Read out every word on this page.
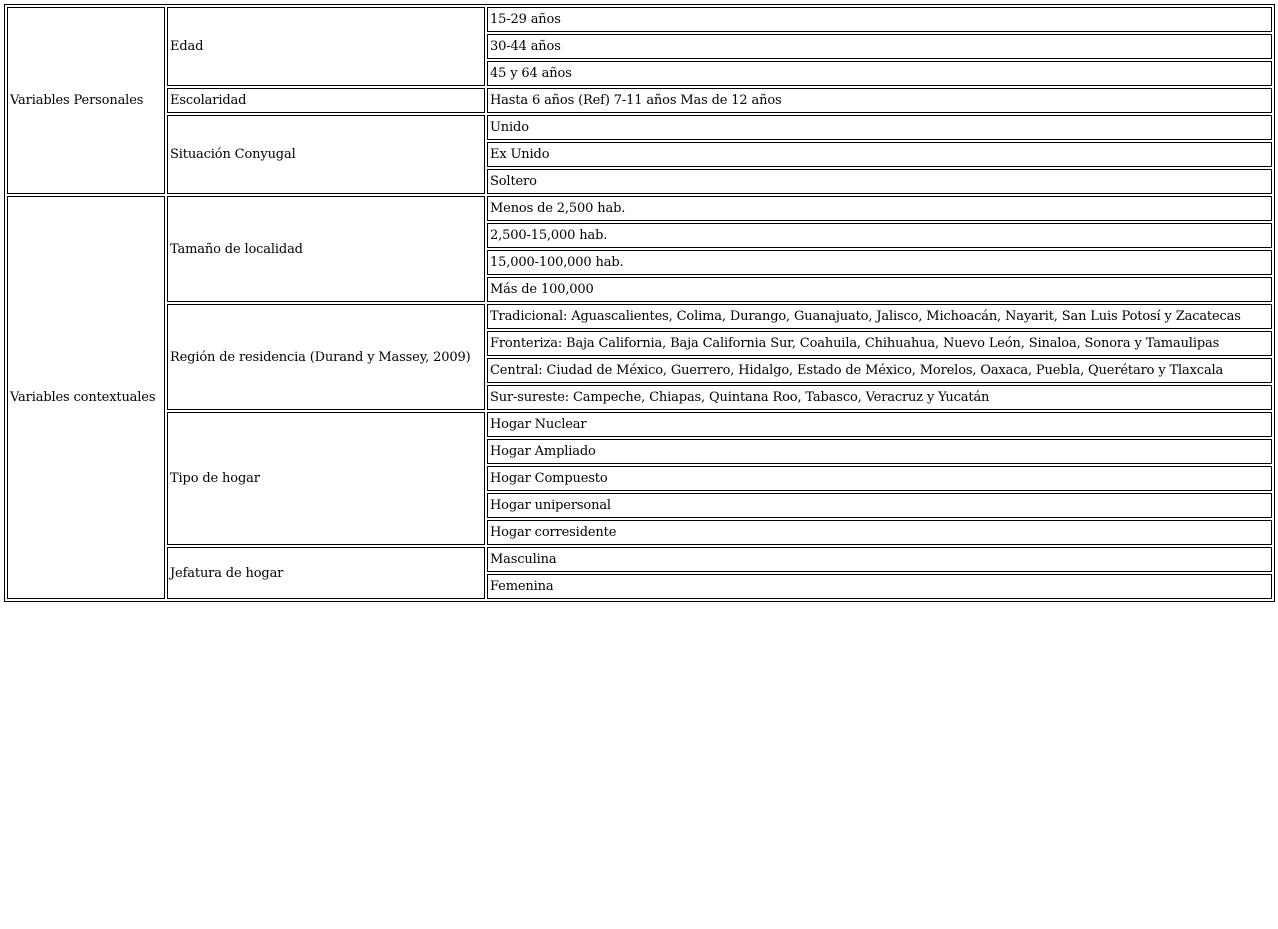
Variables Personales	Edad	15-29 años
		30-44 años
		45 y 64 años
	Escolaridad	Hasta 6 años (Ref) 7-11 años Mas de 12 años
	Situación Conyugal	Unido
		Ex Unido
		Soltero
Variables contextuales	Tamaño de localidad	Menos de 2,500 hab.
		2,500-15,000 hab.
		15,000-100,000 hab.
		Más de 100,000
	Región de residencia (Durand y Massey, 2009)	Tradicional: Aguascalientes, Colima, Durango, Guanajuato, Jalisco, Michoacán, Nayarit, San Luis Potosí y Zacatecas
		Fronteriza: Baja California, Baja California Sur, Coahuila, Chihuahua, Nuevo León, Sinaloa, Sonora y Tamaulipas
		Central: Ciudad de México, Guerrero, Hidalgo, Estado de México, Morelos, Oaxaca, Puebla, Querétaro y Tlaxcala
		Sur-sureste: Campeche, Chiapas, Quintana Roo, Tabasco, Veracruz y Yucatán
	Tipo de hogar	Hogar Nuclear
		Hogar Ampliado
		Hogar Compuesto
		Hogar unipersonal
		Hogar corresidente
	Jefatura de hogar	Masculina
		Femenina
